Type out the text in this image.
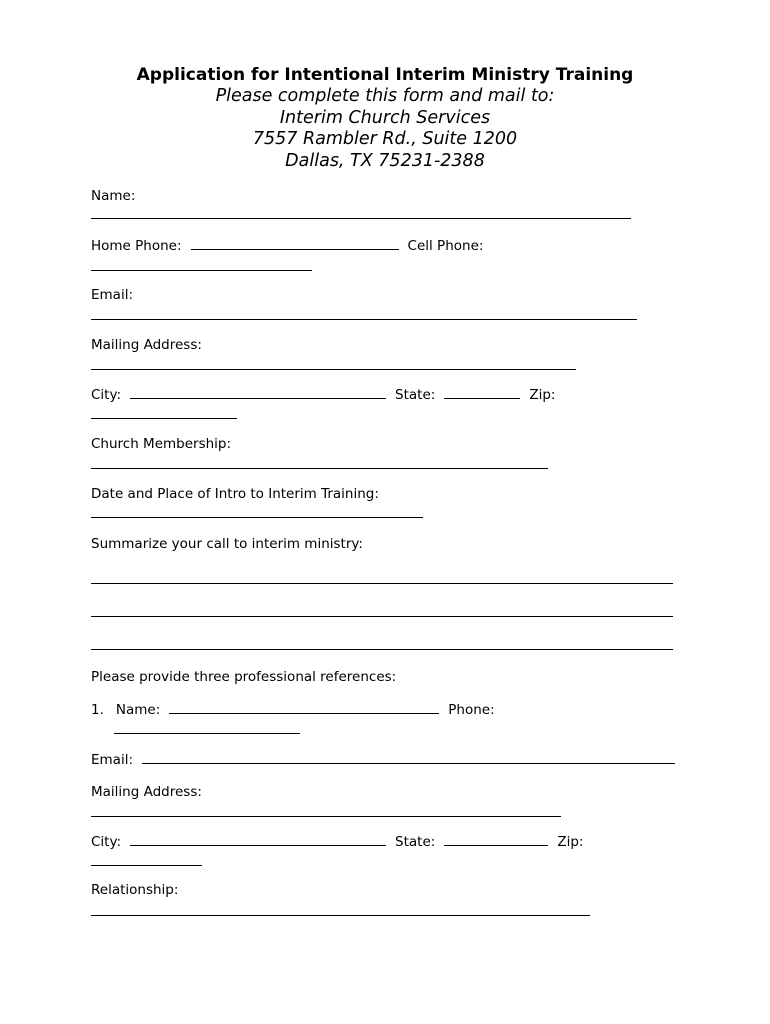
Application for Intentional Interim Ministry Training
Please complete this form and mail to:
Interim Church Services
7557 Rambler Rd., Suite 1200
Dallas, TX 75231-2388
Name:
Home Phone:	Cell Phone:
Email:
Mailing Address:
City:	State:	Zip:
Church Membership:
Date and Place of Intro to Interim Training:
Summarize your call to interim ministry:
Please provide three professional references:
1. Name:	Phone:
Email:
Mailing Address:
City:	State:	Zip:
Relationship:
